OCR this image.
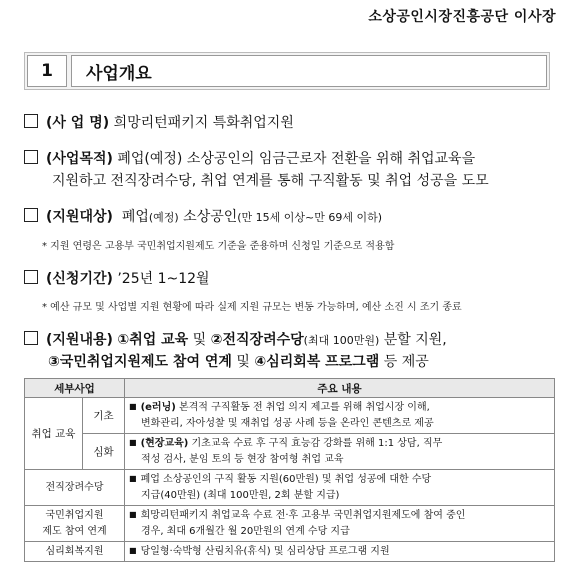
소상공인시장진흥공단 이사장
1	사업개요
(사 업 명) 희망리턴패키지 특화취업지원
(사업목적) 폐업(예정) 소상공인의 임금근로자 전환을 위해 취업교육을
지원하고 전직장려수당, 취업 연계를 통해 구직활동 및 취업 성공을 도모
(지원대상) 폐업(예정) 소상공인(만 15세 이상~만 69세 이하)
* 지원 연령은 고용부 국민취업지원제도 기준을 준용하며 신청일 기준으로 적용함
(신청기간) ’25년 1~12월
* 예산 규모 및 사업별 지원 현황에 따라 실제 지원 규모는 변동 가능하며, 예산 소진 시 조기 종료
(지원내용) ①취업 교육 및 ②전직장려수당(최대 100만원) 분할 지원,
③국민취업지원제도 참여 연계 및 ④심리회복 프로그램 등 제공
세부사업		주요 내용
취업 교육	기초	■ (e러닝) 본격적 구직활동 전 취업 의지 제고를 위해 취업시장 이해,
변화관리, 자아성찰 및 재취업 성공 사례 등을 온라인 콘텐츠로 제공
	심화	■ (현장교육) 기초교육 수료 후 구직 효능감 강화를 위해 1:1 상담, 직무
적성 검사, 분임 토의 등 현장 참여형 취업 교육
전직장려수당		■ 폐업 소상공인의 구직 활동 지원(60만원) 및 취업 성공에 대한 수당
지급(40만원) (최대 100만원, 2회 분할 지급)
국민취업지원
제도 참여 연계		■ 희망리턴패키지 취업교육 수료 전·후 고용부 국민취업지원제도에 참여 중인
경우, 최대 6개월간 월 20만원의 연계 수당 지급
심리회복지원		■ 당일형·숙박형 산림치유(휴식) 및 심리상담 프로그램 지원
